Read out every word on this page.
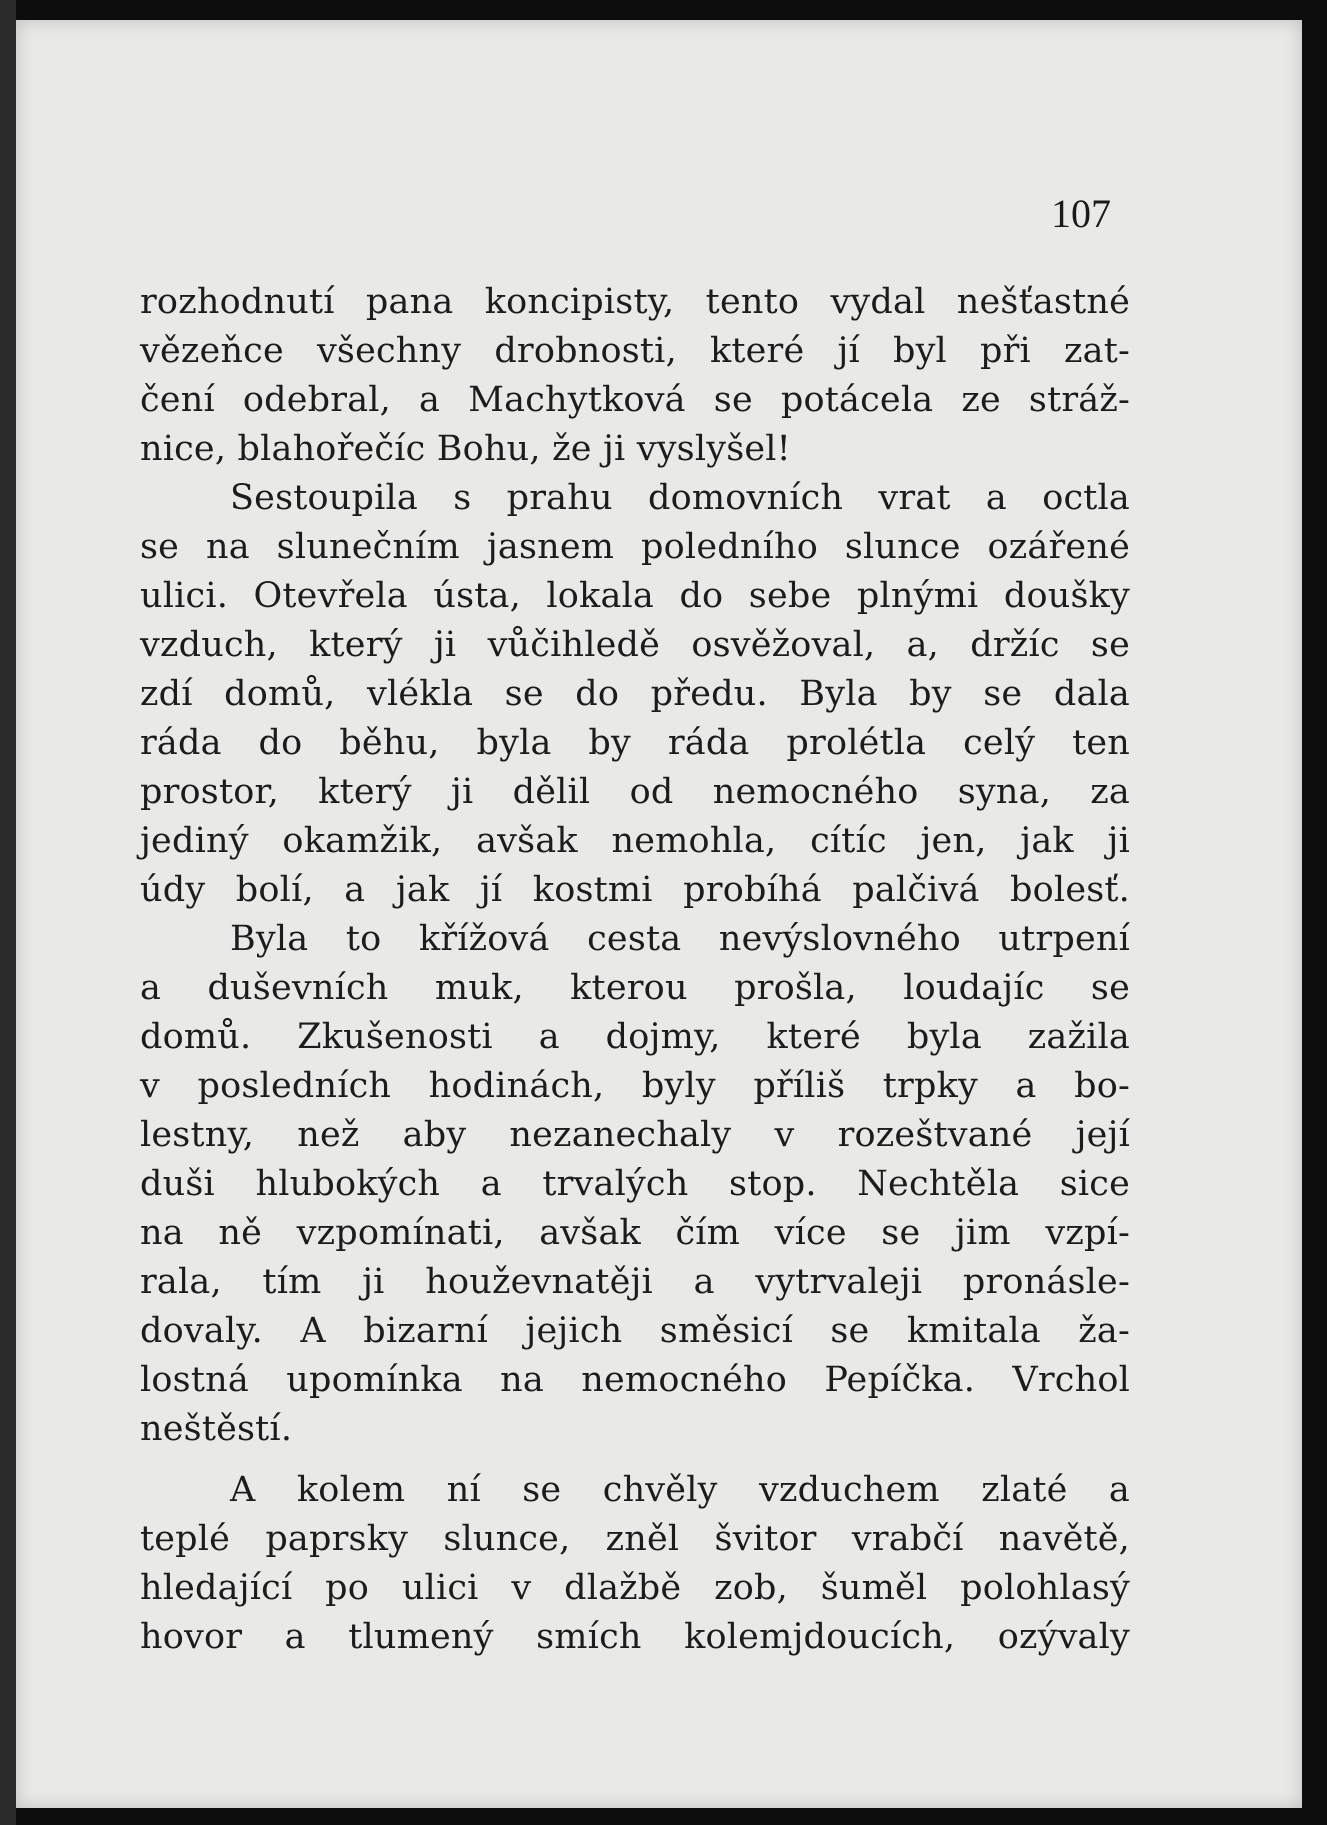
107
rozhodnutí pana koncipisty, tento vydal nešťastné
vězeňce všechny drobnosti, které jí byl při zat-
čení odebral, a Machytková se potácela ze stráž-
nice, blahořečíc Bohu, že ji vyslyšel!
Sestoupila s prahu domovních vrat a octla
se na slunečním jasnem poledního slunce ozářené
ulici. Otevřela ústa, lokala do sebe plnými doušky
vzduch, který ji vůčihledě osvěžoval, a, držíc se
zdí domů, vlékla se do předu. Byla by se dala
ráda do běhu, byla by ráda prolétla celý ten
prostor, který ji dělil od nemocného syna, za
jediný okamžik, avšak nemohla, cítíc jen, jak ji
údy bolí, a jak jí kostmi probíhá palčivá bolesť.
Byla to křížová cesta nevýslovného utrpení
a duševních muk, kterou prošla, loudajíc se
domů. Zkušenosti a dojmy, které byla zažila
v posledních hodinách, byly příliš trpky a bo-
lestny, než aby nezanechaly v rozeštvané její
duši hlubokých a trvalých stop. Nechtěla sice
na ně vzpomínati, avšak čím více se jim vzpí-
rala, tím ji houževnatěji a vytrvaleji pronásle-
dovaly. A bizarní jejich směsicí se kmitala ža-
lostná upomínka na nemocného Pepíčka. Vrchol
neštěstí.
A kolem ní se chvěly vzduchem zlaté a
teplé paprsky slunce, zněl švitor vrabčí navětě,
hledající po ulici v dlažbě zob, šuměl polohlasý
hovor a tlumený smích kolemjdoucích, ozývaly
